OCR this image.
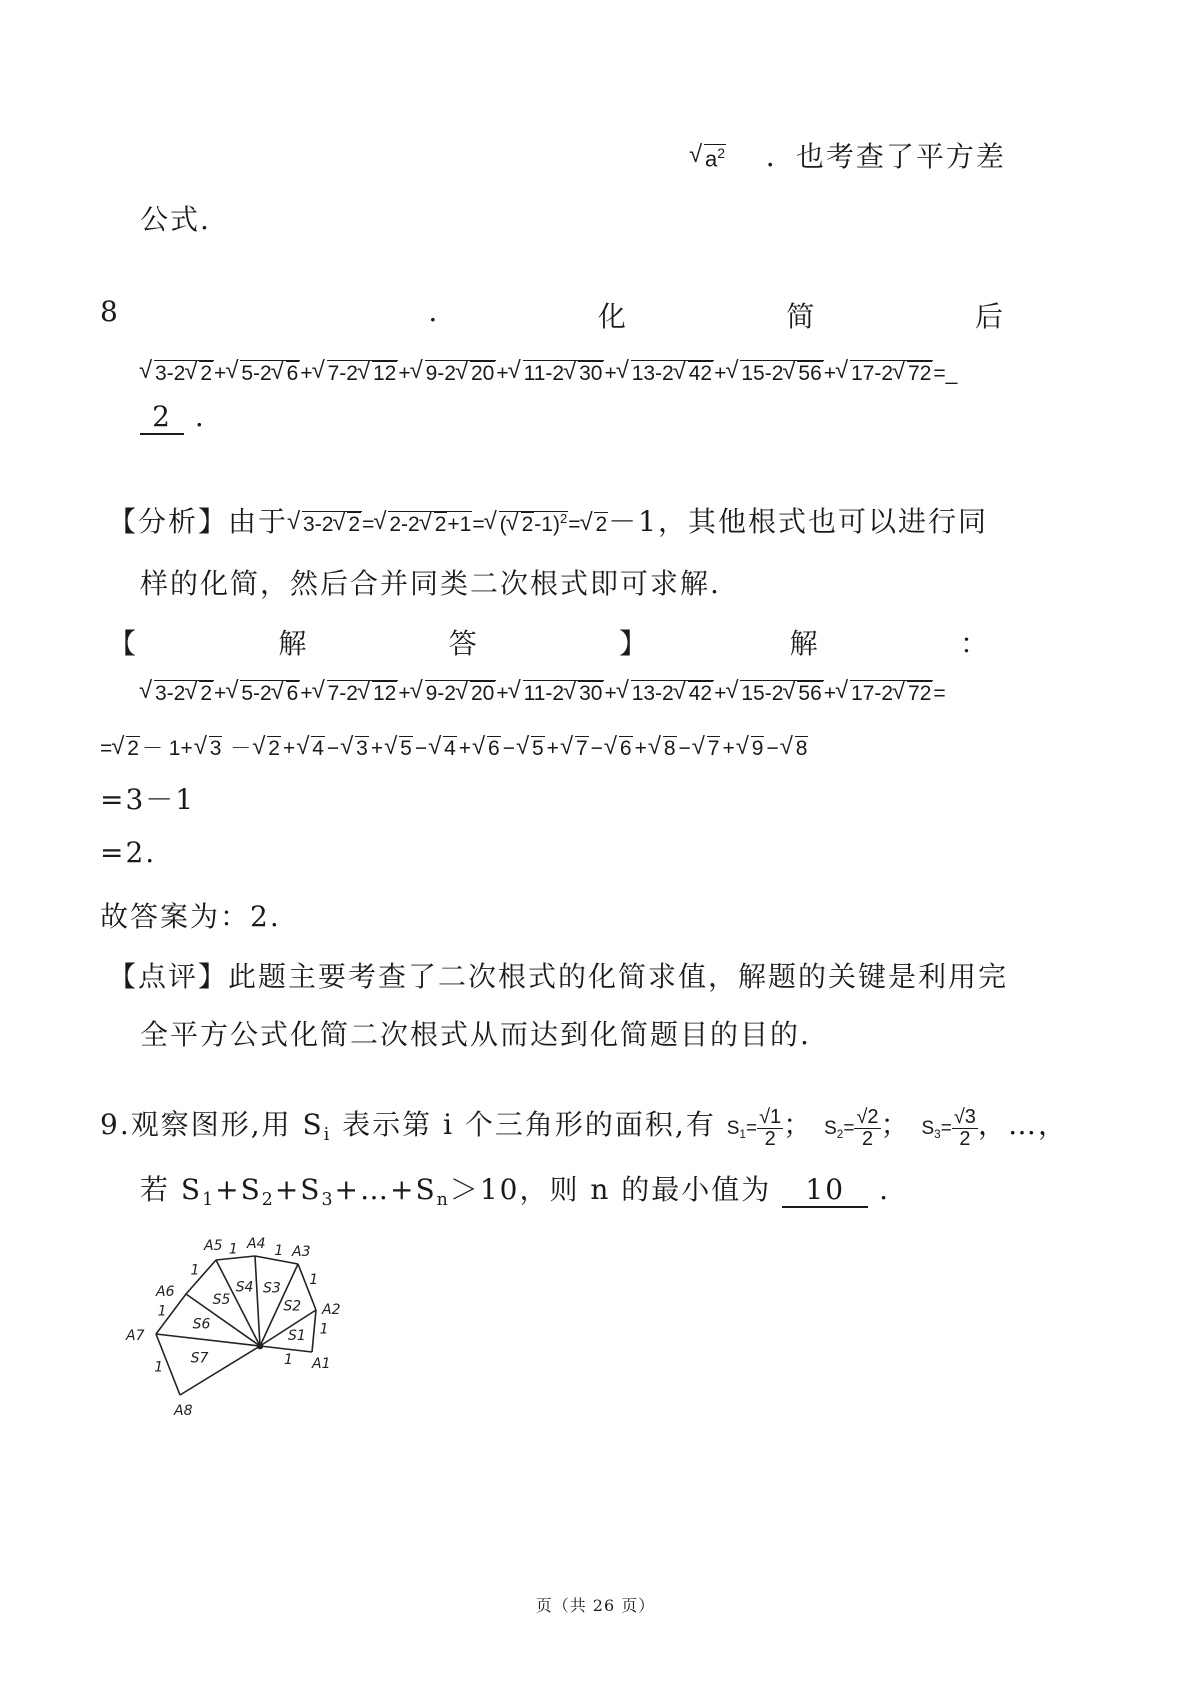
√ $a^2$ ．也考查了平方差
公式.
8	.	化	简	后
√ 3-2 √ 2+ √ 5-2 √ 6+ √ 7-2 √ 12+ √ 9-2 √ 20+ √ 11-2 √ 30+ √ 13-2 √ 42+ √ 15-2 √ 56+ √ 17-2 √ 72=_
2 .
【分析】由于 √ 3-2 √ 2= √ 2-2 √ 2+1= √ ( √ 2-1)$^2$= √ 2－1，其他根式也可以进行同
样的化简，然后合并同类二次根式即可求解.
【	解	答	】	解	：
√ 3-2 √ 2+ √ 5-2 √ 6+ √ 7-2 √ 12+ √ 9-2 √ 20+ √ 11-2 √ 30+ √ 13-2 √ 42+ √ 15-2 √ 56+ √ 17-2 √ 72=
= √ 2 － 1+ √ 3 － √ 2 + √ 4 − √ 3 + √ 5 − √ 4 + √ 6 − √ 5 + √ 7 − √ 6 + √ 8 − √ 7 + √ 9 − √ 8
=3－1
=2.
故答案为：2.
【点评】此题主要考查了二次根式的化简求值，解题的关键是利用完
全平方公式化简二次根式从而达到化简题目的目的.
9.观察图形,用 $S_i$ 表示第 i 个三角形的面积,有 $S_1= \frac{√1}{2}$ ； $S_2= \frac{√2}{2}$ ； $S_3= \frac{√3}{2}$ ，…，
若 $S_1+S_2+S_3+\dots+S_n>10$，则 n 的最小值为 10 .
A1
A2
A3
A4
A5
A6
A7
A8
S1
S2
S3
S4
S5
S6
S7
1
1
1
1
1
1
1	1
页（共 26 页）
